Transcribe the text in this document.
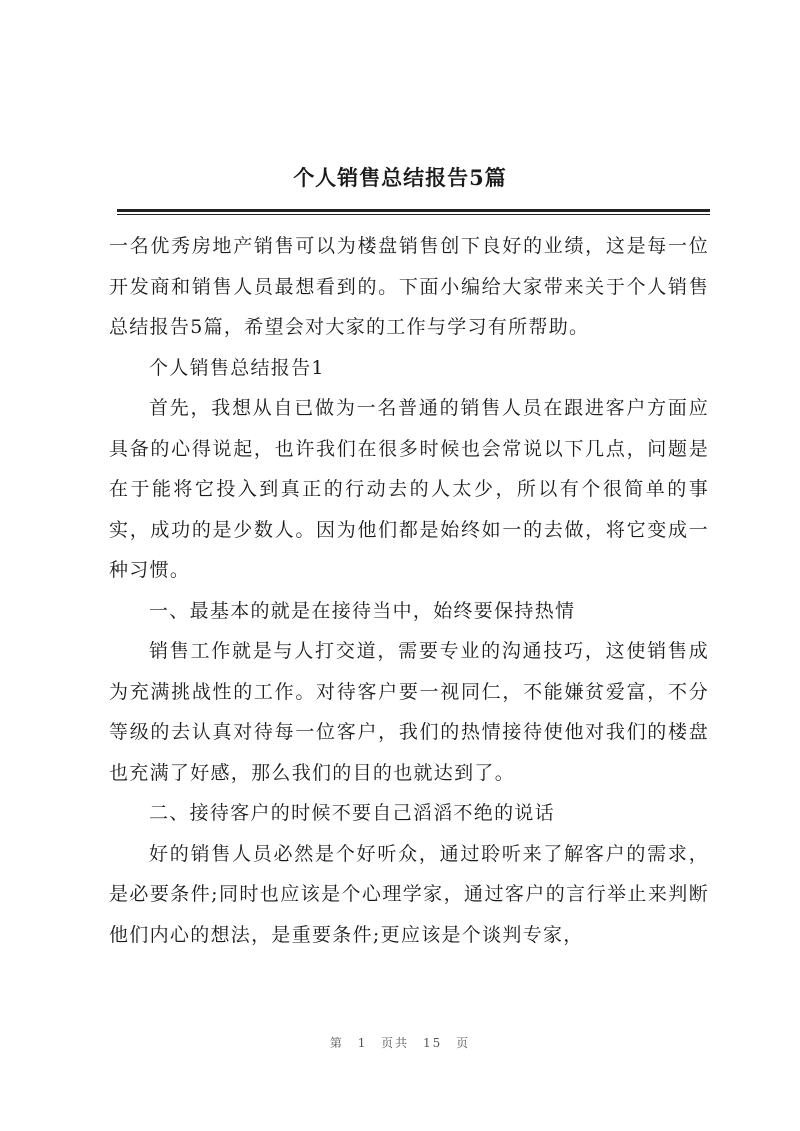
个人销售总结报告5篇

一名优秀房地产销售可以为楼盘销售创下良好的业绩，这是每一位开发商和销售人员最想看到的。下面小编给大家带来关于个人销售总结报告5篇，希望会对大家的工作与学习有所帮助。

个人销售总结报告1

首先，我想从自已做为一名普通的销售人员在跟进客户方面应具备的心得说起，也许我们在很多时候也会常说以下几点，问题是在于能将它投入到真正的行动去的人太少，所以有个很简单的事实，成功的是少数人。因为他们都是始终如一的去做，将它变成一种习惯。

一、最基本的就是在接待当中，始终要保持热情

销售工作就是与人打交道，需要专业的沟通技巧，这使销售成为充满挑战性的工作。对待客户要一视同仁，不能嫌贫爱富，不分等级的去认真对待每一位客户，我们的热情接待使他对我们的楼盘也充满了好感，那么我们的目的也就达到了。

二、接待客户的时候不要自己滔滔不绝的说话

好的销售人员必然是个好听众，通过聆听来了解客户的需求，是必要条件;同时也应该是个心理学家，通过客户的言行举止来判断他们内心的想法，是重要条件;更应该是个谈判专家，

第 1 页共 15 页
